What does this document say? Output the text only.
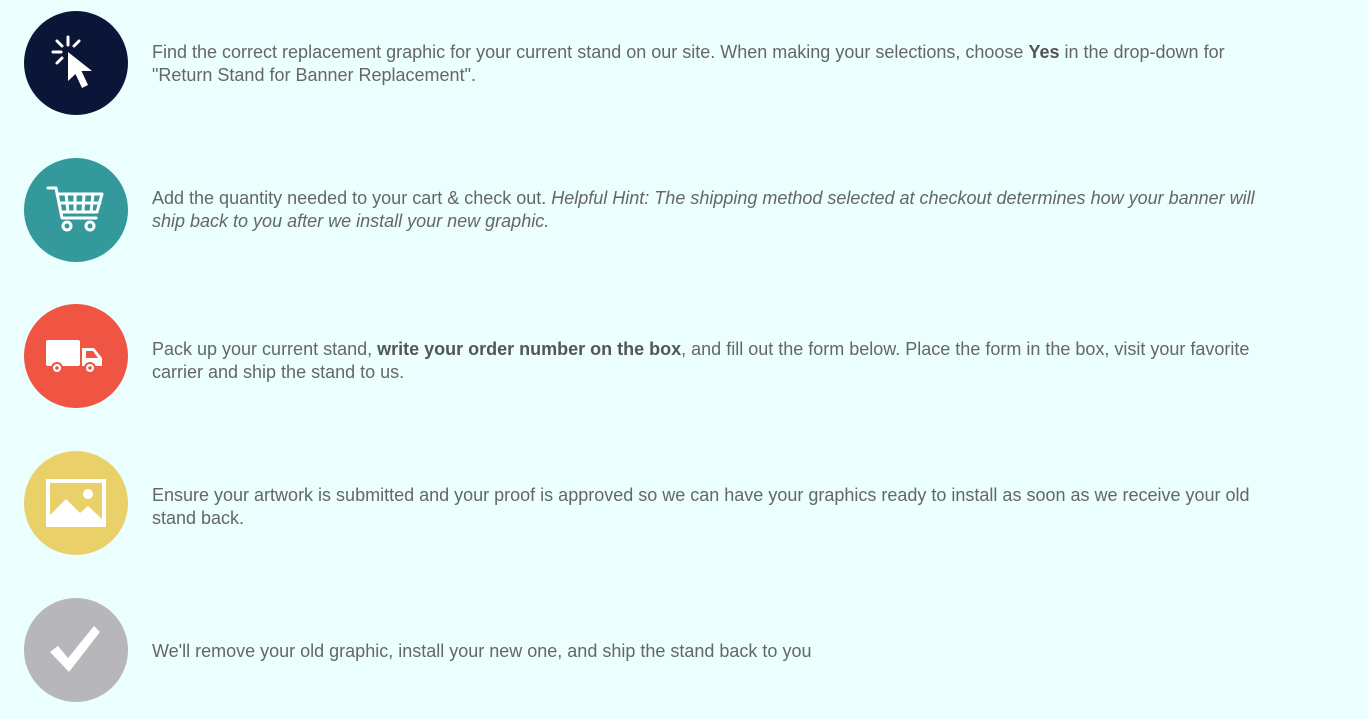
Find the correct replacement graphic for your current stand on our site. When making your selections, choose Yes in the drop-down for "Return Stand for Banner Replacement".
Add the quantity needed to your cart & check out. Helpful Hint: The shipping method selected at checkout determines how your banner will ship back to you after we install your new graphic.
Pack up your current stand, write your order number on the box, and fill out the form below. Place the form in the box, visit your favorite carrier and ship the stand to us.
Ensure your artwork is submitted and your proof is approved so we can have your graphics ready to install as soon as we receive your old stand back.
We'll remove your old graphic, install your new one, and ship the stand back to you
